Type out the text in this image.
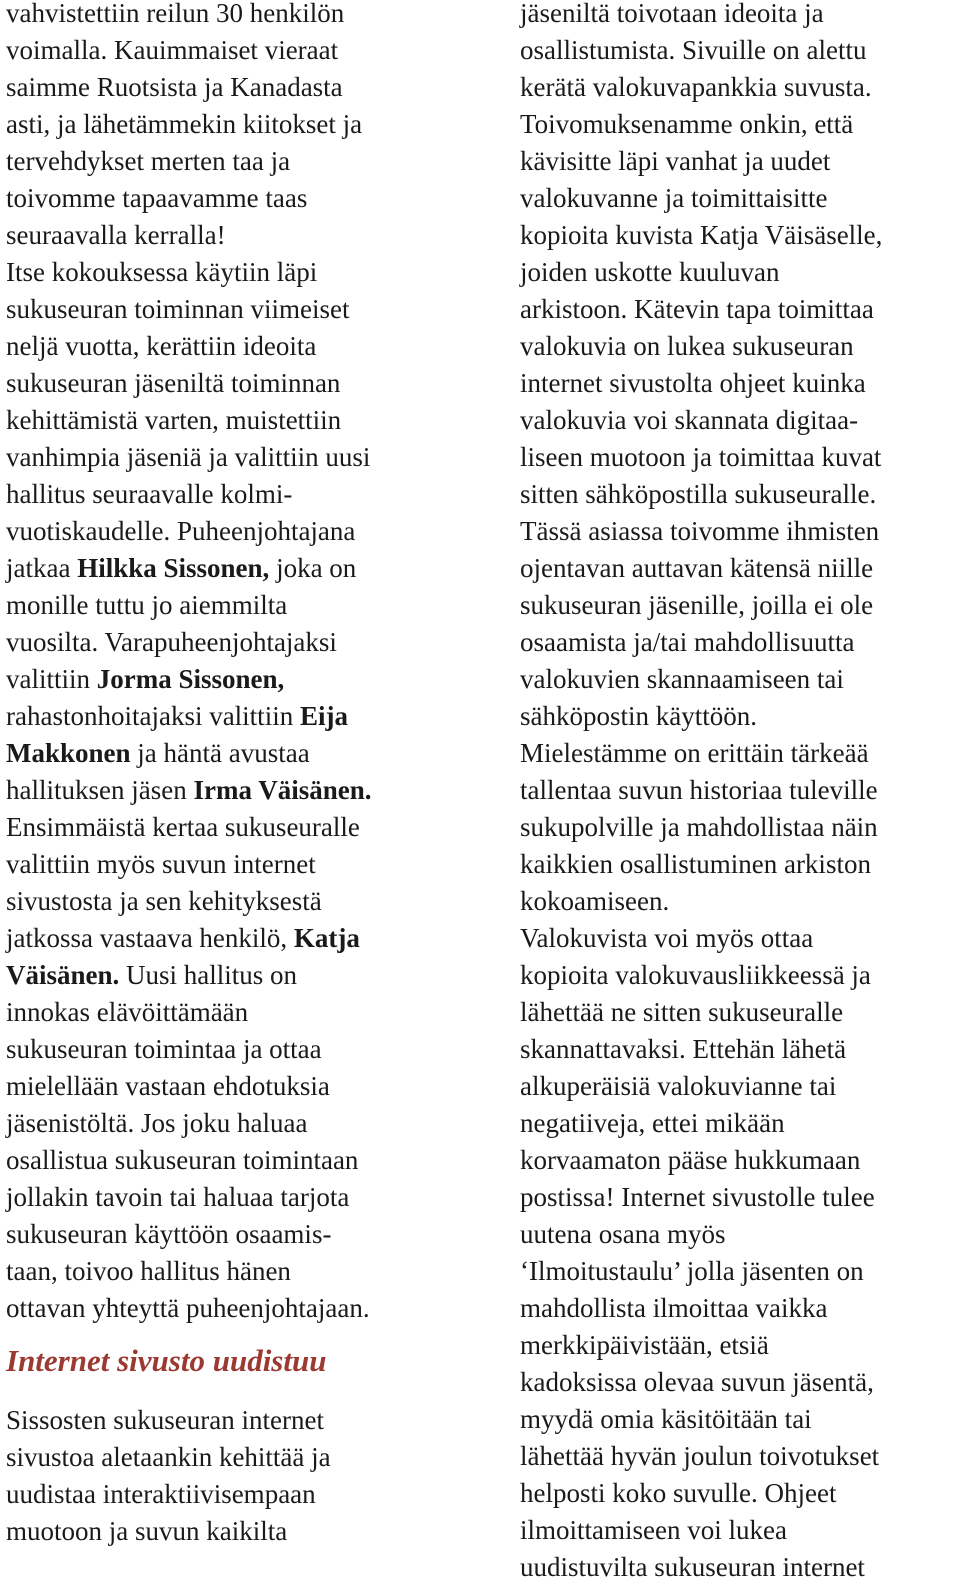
vahvistettiin reilun 30 henkilön
voimalla. Kauimmaiset vieraat
saimme Ruotsista ja Kanadasta
asti, ja lähetämmekin kiitokset ja
tervehdykset merten taa ja
toivomme tapaavamme taas
seuraavalla kerralla!
Itse kokouksessa käytiin läpi
sukuseuran toiminnan viimeiset
neljä vuotta, kerättiin ideoita
sukuseuran jäseniltä toiminnan
kehittämistä varten, muistettiin
vanhimpia jäseniä ja valittiin uusi
hallitus seuraavalle kolmi-
vuotiskaudelle. Puheenjohtajana
jatkaa Hilkka Sissonen, joka on
monille tuttu jo aiemmilta
vuosilta. Varapuheenjohtajaksi
valittiin Jorma Sissonen,
rahastonhoitajaksi valittiin Eija
Makkonen ja häntä avustaa
hallituksen jäsen Irma Väisänen.
Ensimmäistä kertaa sukuseuralle
valittiin myös suvun internet
sivustosta ja sen kehityksestä
jatkossa vastaava henkilö, Katja
Väisänen. Uusi hallitus on
innokas elävöittämään
sukuseuran toimintaa ja ottaa
mielellään vastaan ehdotuksia
jäsenistöltä. Jos joku haluaa
osallistua sukuseuran toimintaan
jollakin tavoin tai haluaa tarjota
sukuseuran käyttöön osaamis-
taan, toivoo hallitus hänen
ottavan yhteyttä puheenjohtajaan.
Internet sivusto uudistuu
Sissosten sukuseuran internet
sivustoa aletaankin kehittää ja
uudistaa interaktiivisempaan
muotoon ja suvun kaikilta
jäseniltä toivotaan ideoita ja
osallistumista. Sivuille on alettu
kerätä valokuvapankkia suvusta.
Toivomuksenamme onkin, että
kävisitte läpi vanhat ja uudet
valokuvanne ja toimittaisitte
kopioita kuvista Katja Väisäselle,
joiden uskotte kuuluvan
arkistoon. Kätevin tapa toimittaa
valokuvia on lukea sukuseuran
internet sivustolta ohjeet kuinka
valokuvia voi skannata digitaa-
liseen muotoon ja toimittaa kuvat
sitten sähköpostilla sukuseuralle.
Tässä asiassa toivomme ihmisten
ojentavan auttavan kätensä niille
sukuseuran jäsenille, joilla ei ole
osaamista ja/tai mahdollisuutta
valokuvien skannaamiseen tai
sähköpostin käyttöön.
Mielestämme on erittäin tärkeää
tallentaa suvun historiaa tuleville
sukupolville ja mahdollistaa näin
kaikkien osallistuminen arkiston
kokoamiseen.
Valokuvista voi myös ottaa
kopioita valokuvausliikkeessä ja
lähettää ne sitten sukuseuralle
skannattavaksi. Ettehän lähetä
alkuperäisiä valokuvianne tai
negatiiveja, ettei mikään
korvaamaton pääse hukkumaan
postissa! Internet sivustolle tulee
uutena osana myös
‘Ilmoitustaulu’ jolla jäsenten on
mahdollista ilmoittaa vaikka
merkkipäivistään, etsiä
kadoksissa olevaa suvun jäsentä,
myydä omia käsitöitään tai
lähettää hyvän joulun toivotukset
helposti koko suvulle. Ohjeet
ilmoittamiseen voi lukea
uudistuvilta sukuseuran internet
